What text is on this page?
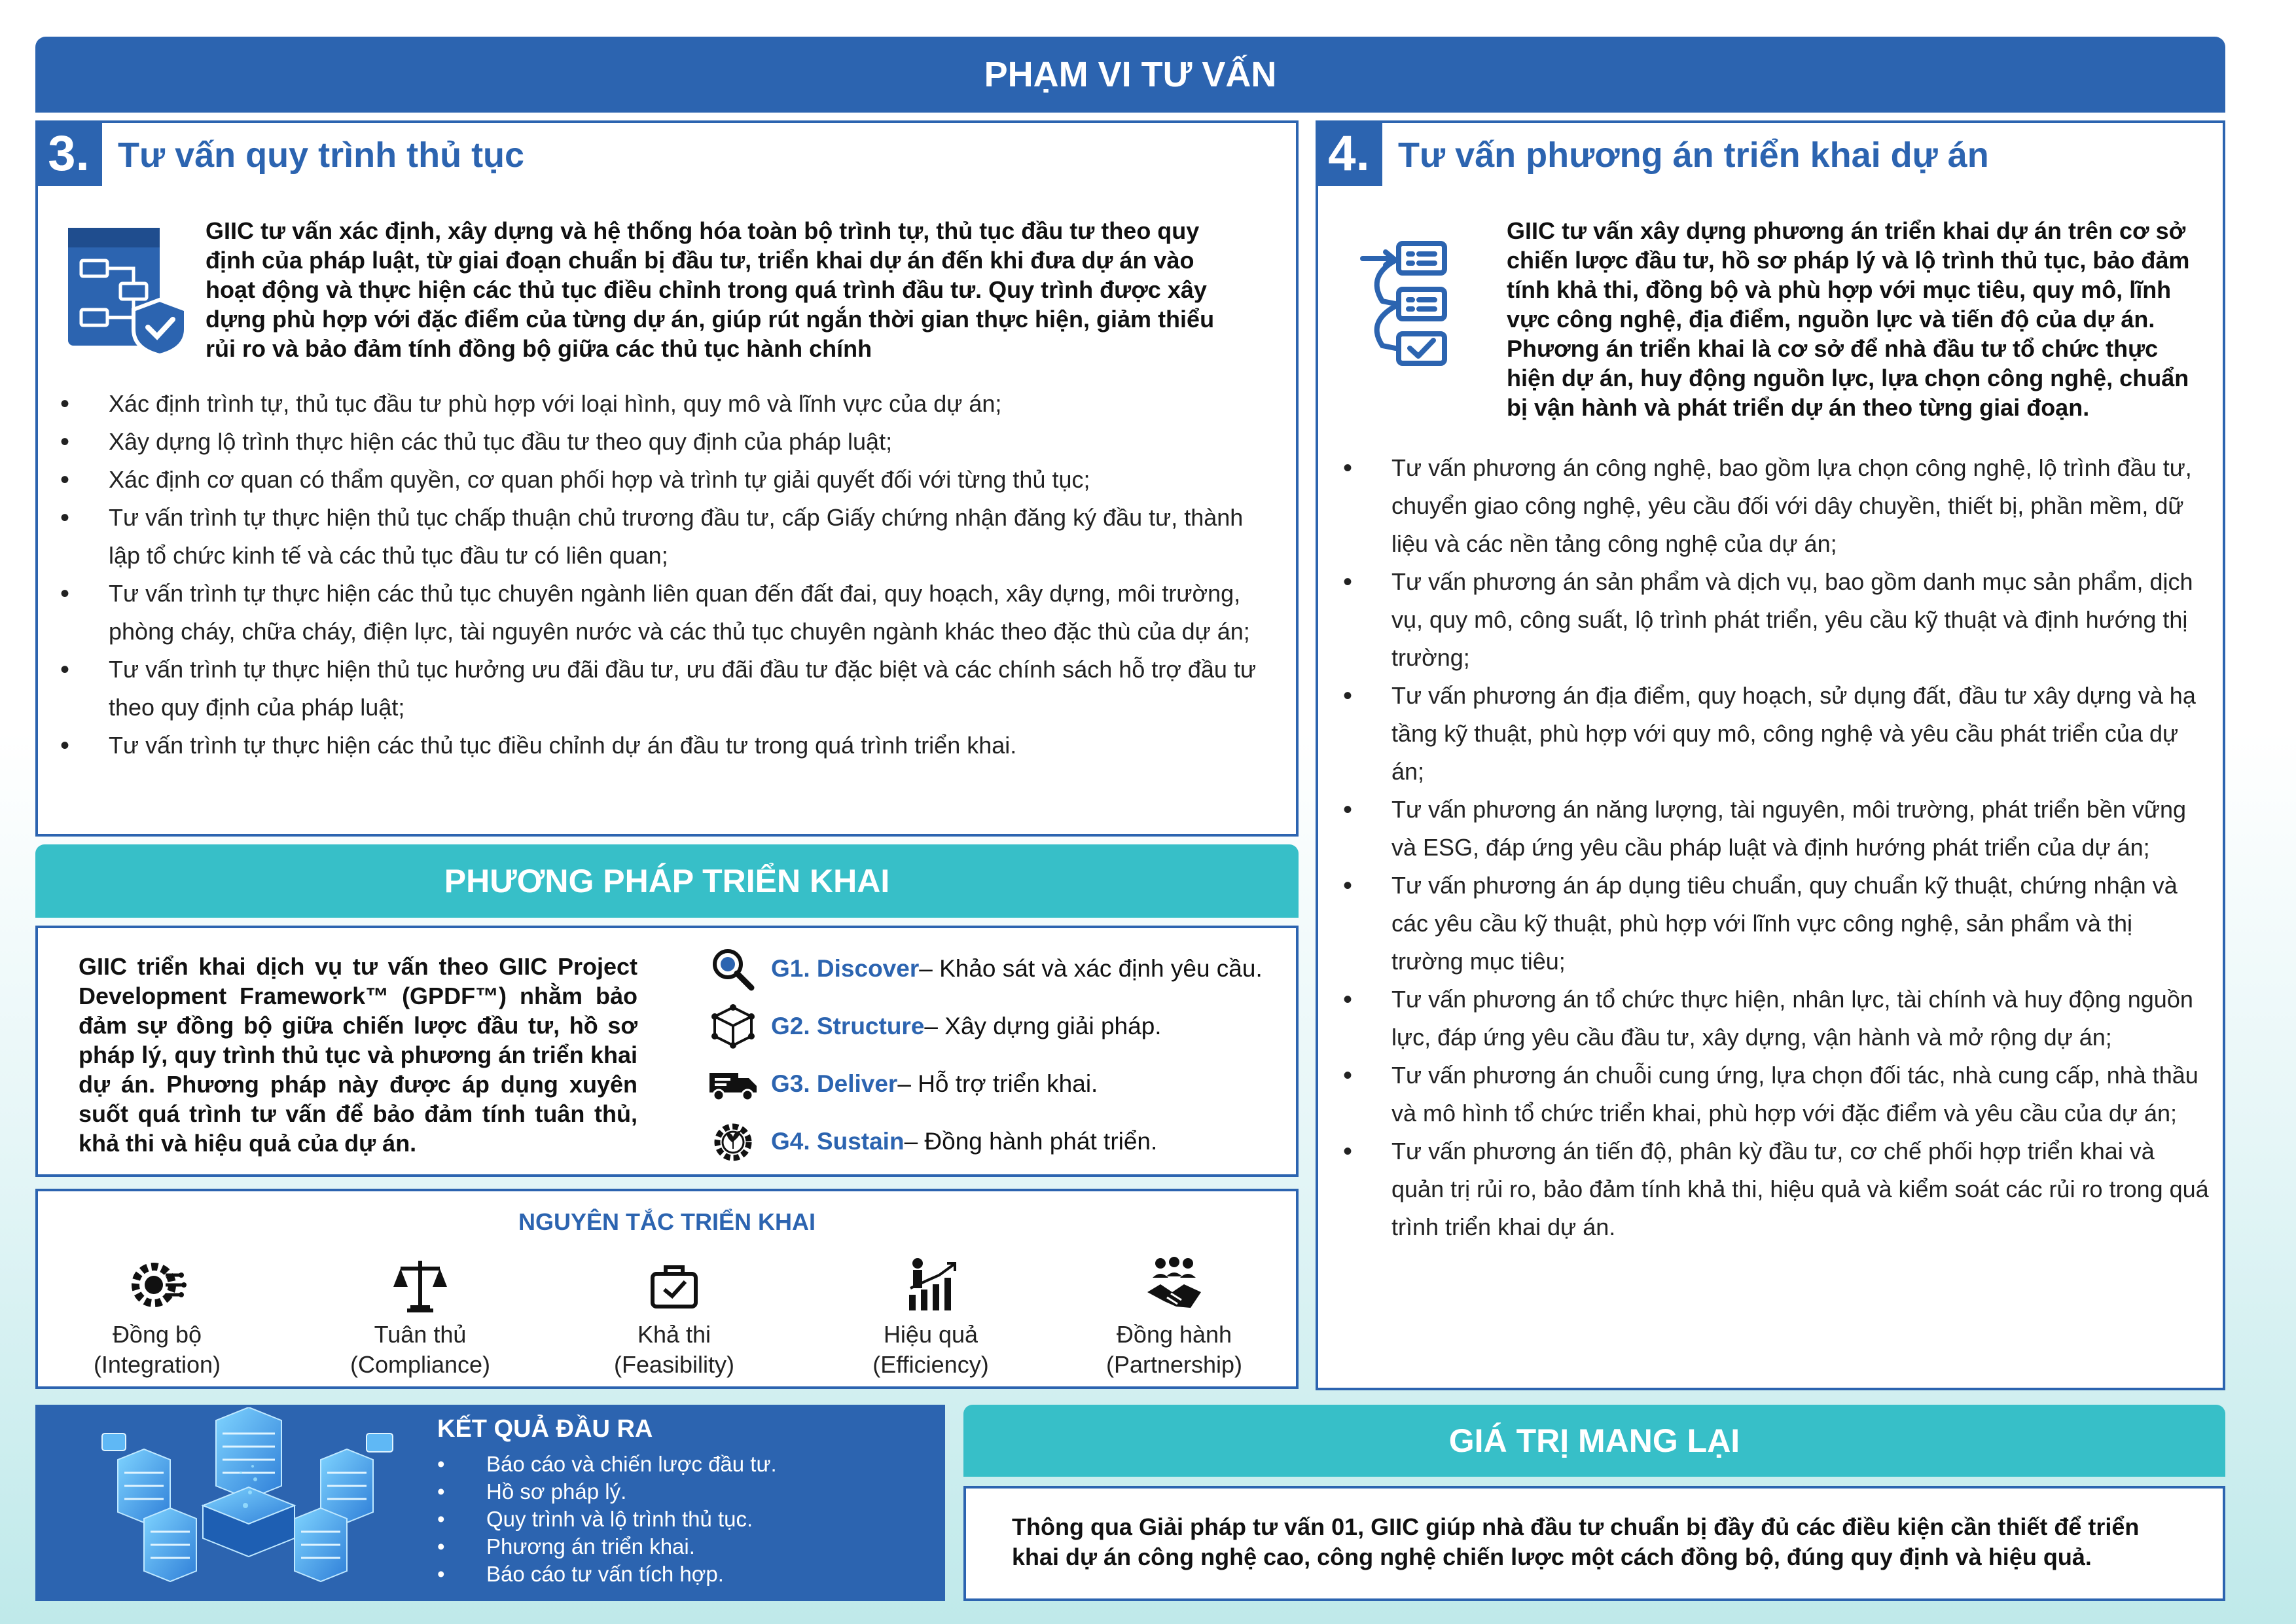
PHẠM VI TƯ VẤN
3. Tư vấn quy trình thủ tục
GIIC tư vấn xác định, xây dựng và hệ thống hóa toàn bộ trình tự, thủ tục đầu tư theo quy định của pháp luật, từ giai đoạn chuẩn bị đầu tư, triển khai dự án đến khi đưa dự án vào hoạt động và thực hiện các thủ tục điều chỉnh trong quá trình đầu tư. Quy trình được xây dựng phù hợp với đặc điểm của từng dự án, giúp rút ngắn thời gian thực hiện, giảm thiểu rủi ro và bảo đảm tính đồng bộ giữa các thủ tục hành chính
• Xác định trình tự, thủ tục đầu tư phù hợp với loại hình, quy mô và lĩnh vực của dự án;
• Xây dựng lộ trình thực hiện các thủ tục đầu tư theo quy định của pháp luật;
• Xác định cơ quan có thẩm quyền, cơ quan phối hợp và trình tự giải quyết đối với từng thủ tục;
• Tư vấn trình tự thực hiện thủ tục chấp thuận chủ trương đầu tư, cấp Giấy chứng nhận đăng ký đầu tư, thành lập tổ chức kinh tế và các thủ tục đầu tư có liên quan;
• Tư vấn trình tự thực hiện các thủ tục chuyên ngành liên quan đến đất đai, quy hoạch, xây dựng, môi trường, phòng cháy, chữa cháy, điện lực, tài nguyên nước và các thủ tục chuyên ngành khác theo đặc thù của dự án;
• Tư vấn trình tự thực hiện thủ tục hưởng ưu đãi đầu tư, ưu đãi đầu tư đặc biệt và các chính sách hỗ trợ đầu tư theo quy định của pháp luật;
• Tư vấn trình tự thực hiện các thủ tục điều chỉnh dự án đầu tư trong quá trình triển khai.
4. Tư vấn phương án triển khai dự án
GIIC tư vấn xây dựng phương án triển khai dự án trên cơ sở chiến lược đầu tư, hồ sơ pháp lý và lộ trình thủ tục, bảo đảm tính khả thi, đồng bộ và phù hợp với mục tiêu, quy mô, lĩnh vực công nghệ, địa điểm, nguồn lực và tiến độ của dự án. Phương án triển khai là cơ sở để nhà đầu tư tổ chức thực hiện dự án, huy động nguồn lực, lựa chọn công nghệ, chuẩn bị vận hành và phát triển dự án theo từng giai đoạn.
• Tư vấn phương án công nghệ, bao gồm lựa chọn công nghệ, lộ trình đầu tư, chuyển giao công nghệ, yêu cầu đối với dây chuyền, thiết bị, phần mềm, dữ liệu và các nền tảng công nghệ của dự án;
• Tư vấn phương án sản phẩm và dịch vụ, bao gồm danh mục sản phẩm, dịch vụ, quy mô, công suất, lộ trình phát triển, yêu cầu kỹ thuật và định hướng thị trường;
• Tư vấn phương án địa điểm, quy hoạch, sử dụng đất, đầu tư xây dựng và hạ tầng kỹ thuật, phù hợp với quy mô, công nghệ và yêu cầu phát triển của dự án;
• Tư vấn phương án năng lượng, tài nguyên, môi trường, phát triển bền vững và ESG, đáp ứng yêu cầu pháp luật và định hướng phát triển của dự án;
• Tư vấn phương án áp dụng tiêu chuẩn, quy chuẩn kỹ thuật, chứng nhận và các yêu cầu kỹ thuật, phù hợp với lĩnh vực công nghệ, sản phẩm và thị trường mục tiêu;
• Tư vấn phương án tổ chức thực hiện, nhân lực, tài chính và huy động nguồn lực, đáp ứng yêu cầu đầu tư, xây dựng, vận hành và mở rộng dự án;
• Tư vấn phương án chuỗi cung ứng, lựa chọn đối tác, nhà cung cấp, nhà thầu và mô hình tổ chức triển khai, phù hợp với đặc điểm và yêu cầu của dự án;
• Tư vấn phương án tiến độ, phân kỳ đầu tư, cơ chế phối hợp triển khai và quản trị rủi ro, bảo đảm tính khả thi, hiệu quả và kiểm soát các rủi ro trong quá trình triển khai dự án.
PHƯƠNG PHÁP TRIỂN KHAI
GIIC triển khai dịch vụ tư vấn theo GIIC Project Development Framework™ (GPDF™) nhằm bảo đảm sự đồng bộ giữa chiến lược đầu tư, hồ sơ pháp lý, quy trình thủ tục và phương án triển khai dự án. Phương pháp này được áp dụng xuyên suốt quá trình tư vấn để bảo đảm tính tuân thủ, khả thi và hiệu quả của dự án.
G1. Discover – Khảo sát và xác định yêu cầu.
G2. Structure – Xây dựng giải pháp.
G3. Deliver – Hỗ trợ triển khai.
G4. Sustain – Đồng hành phát triển.
NGUYÊN TẮC TRIỂN KHAI
Đồng bộ
(Integration)
Tuân thủ
(Compliance)
Khả thi
(Feasibility)
Hiệu quả
(Efficiency)
Đồng hành
(Partnership)
KẾT QUẢ ĐẦU RA
• Báo cáo và chiến lược đầu tư.
• Hồ sơ pháp lý.
• Quy trình và lộ trình thủ tục.
• Phương án triển khai.
• Báo cáo tư vấn tích hợp.
GIÁ TRỊ MANG LẠI
Thông qua Giải pháp tư vấn 01, GIIC giúp nhà đầu tư chuẩn bị đầy đủ các điều kiện cần thiết để triển khai dự án công nghệ cao, công nghệ chiến lược một cách đồng bộ, đúng quy định và hiệu quả.
